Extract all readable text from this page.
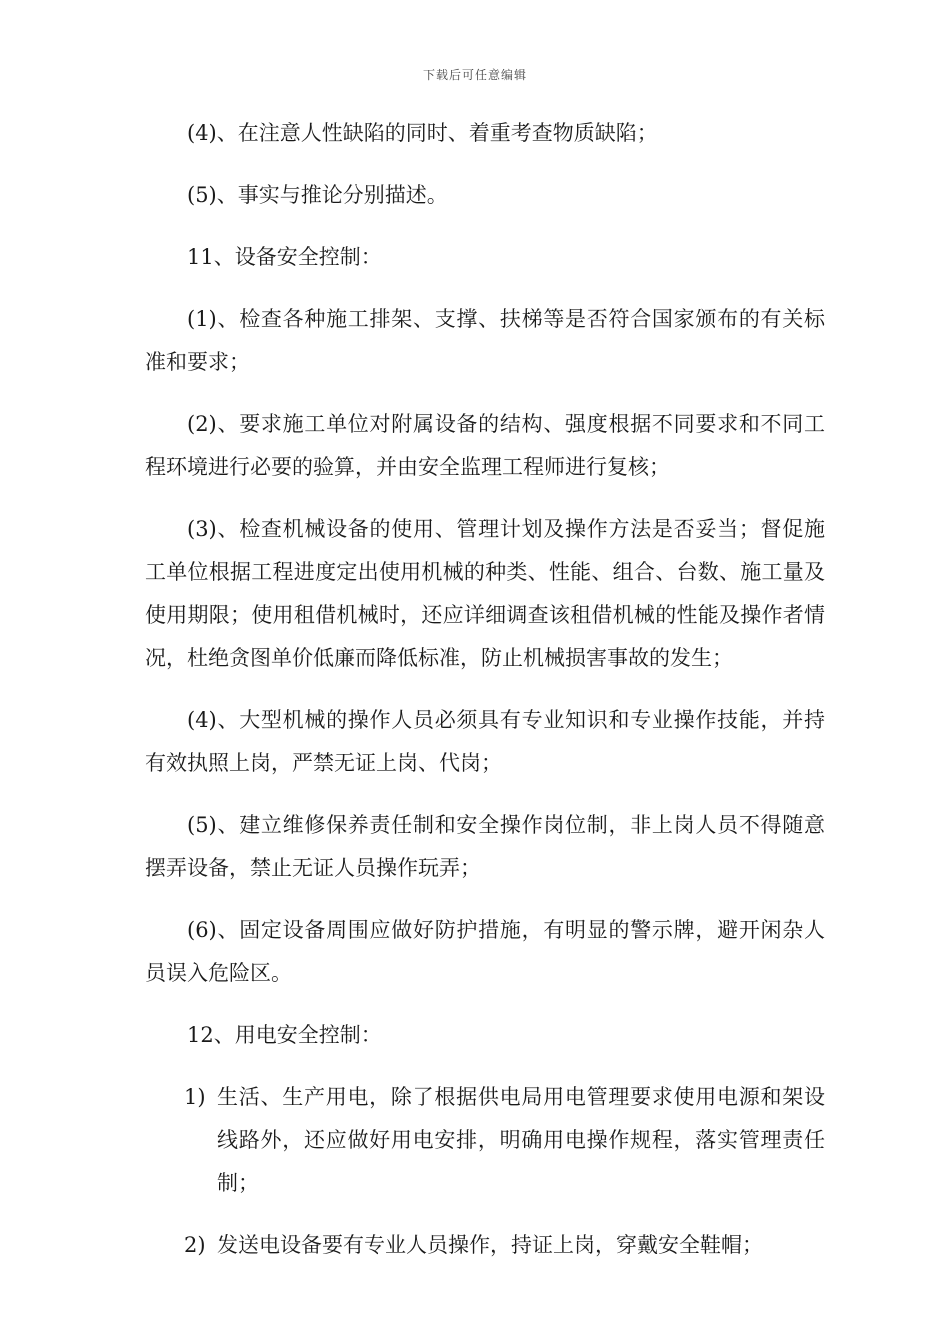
下载后可任意编辑

(4)、在注意人性缺陷的同时、着重考查物质缺陷；

(5)、事实与推论分别描述。

11、设备安全控制：

(1)、检查各种施工排架、支撑、扶梯等是否符合国家颁布的有关标准和要求；

(2)、要求施工单位对附属设备的结构、强度根据不同要求和不同工程环境进行必要的验算，并由安全监理工程师进行复核；

(3)、检查机械设备的使用、管理计划及操作方法是否妥当；督促施工单位根据工程进度定出使用机械的种类、性能、组合、台数、施工量及使用期限；使用租借机械时，还应详细调查该租借机械的性能及操作者情况，杜绝贪图单价低廉而降低标准，防止机械损害事故的发生；

(4)、大型机械的操作人员必须具有专业知识和专业操作技能，并持有效执照上岗，严禁无证上岗、代岗；

(5)、建立维修保养责任制和安全操作岗位制，非上岗人员不得随意摆弄设备，禁止无证人员操作玩弄；

(6)、固定设备周围应做好防护措施，有明显的警示牌，避开闲杂人员误入危险区。

12、用电安全控制：

1) 生活、生产用电，除了根据供电局用电管理要求使用电源和架设线路外，还应做好用电安排，明确用电操作规程，落实管理责任制；
2) 发送电设备要有专业人员操作，持证上岗，穿戴安全鞋帽；
